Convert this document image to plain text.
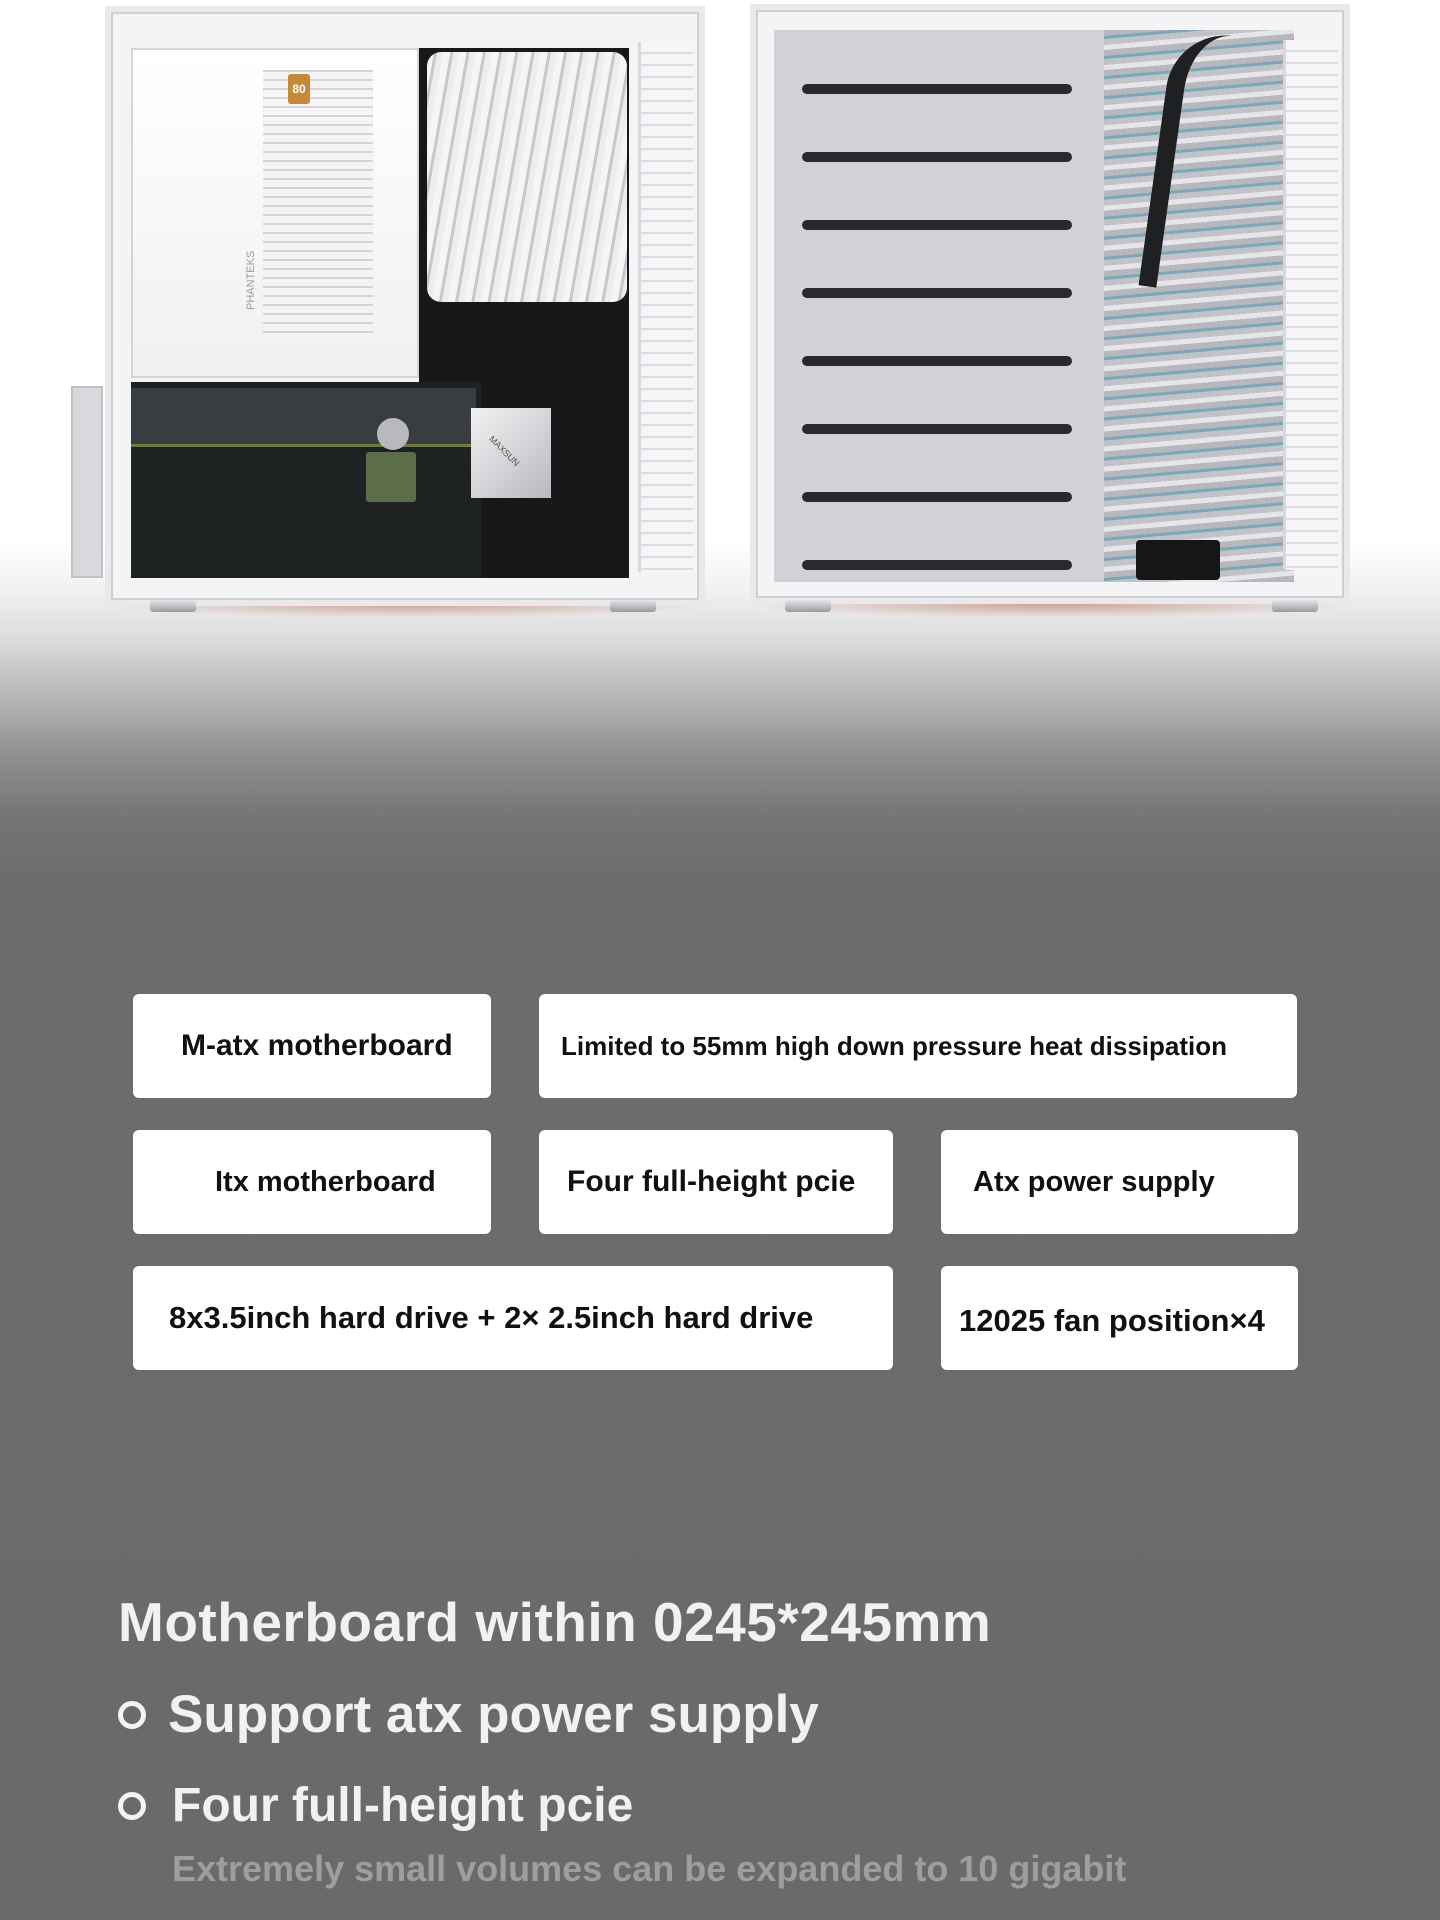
80
PHANTEKS
MAXSUN
M-atx motherboard	Limited to 55mm high down pressure heat dissipation
Itx motherboard	Four full-height pcie	Atx power supply
8x3.5inch hard drive + 2× 2.5inch hard drive	12025 fan position×4
Motherboard within 0245*245mm
Support atx power supply
Four full-height pcie
Extremely small volumes can be expanded to 10 gigabit
